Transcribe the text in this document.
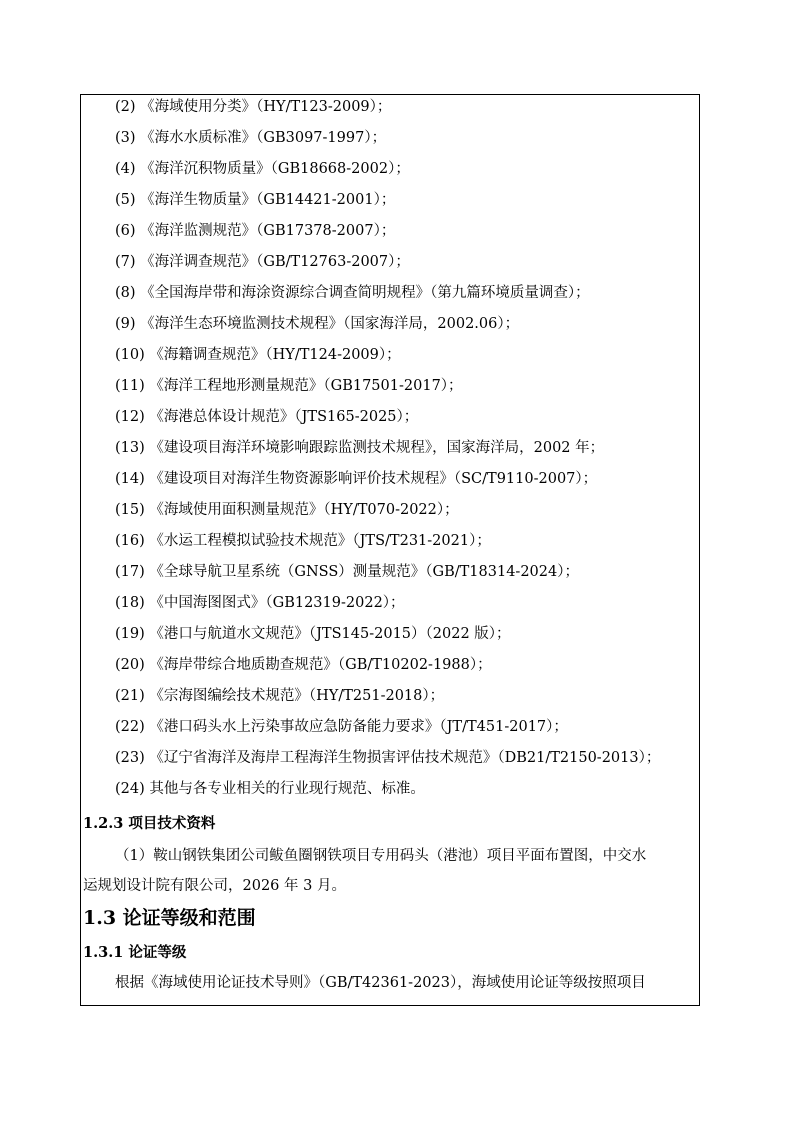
(2) 《海域使用分类》（HY/T123-2009）；
(3) 《海水水质标准》（GB3097-1997）；
(4) 《海洋沉积物质量》（GB18668-2002）；
(5) 《海洋生物质量》（GB14421-2001）；
(6) 《海洋监测规范》（GB17378-2007）；
(7) 《海洋调查规范》（GB/T12763-2007）；
(8) 《全国海岸带和海涂资源综合调查简明规程》（第九篇环境质量调查）；
(9) 《海洋生态环境监测技术规程》（国家海洋局，2002.06）；
(10) 《海籍调查规范》（HY/T124-2009）；
(11) 《海洋工程地形测量规范》（GB17501-2017）；
(12) 《海港总体设计规范》（JTS165-2025）；
(13) 《建设项目海洋环境影响跟踪监测技术规程》，国家海洋局，2002 年；
(14) 《建设项目对海洋生物资源影响评价技术规程》（SC/T9110-2007）；
(15) 《海域使用面积测量规范》（HY/T070-2022）；
(16) 《水运工程模拟试验技术规范》（JTS/T231-2021）；
(17) 《全球导航卫星系统（GNSS）测量规范》（GB/T18314-2024）；
(18) 《中国海图图式》（GB12319-2022）；
(19) 《港口与航道水文规范》（JTS145-2015）（2022 版）；
(20) 《海岸带综合地质勘查规范》（GB/T10202-1988）；
(21) 《宗海图编绘技术规范》（HY/T251-2018）；
(22) 《港口码头水上污染事故应急防备能力要求》（JT/T451-2017）；
(23) 《辽宁省海洋及海岸工程海洋生物损害评估技术规范》（DB21/T2150-2013）；
(24) 其他与各专业相关的行业现行规范、标准。
1.2.3 项目技术资料
（1）鞍山钢铁集团公司鲅鱼圈钢铁项目专用码头（港池）项目平面布置图，中交水
运规划设计院有限公司，2026 年 3 月。
1.3 论证等级和范围
1.3.1 论证等级
根据《海域使用论证技术导则》（GB/T42361-2023），海域使用论证等级按照项目
